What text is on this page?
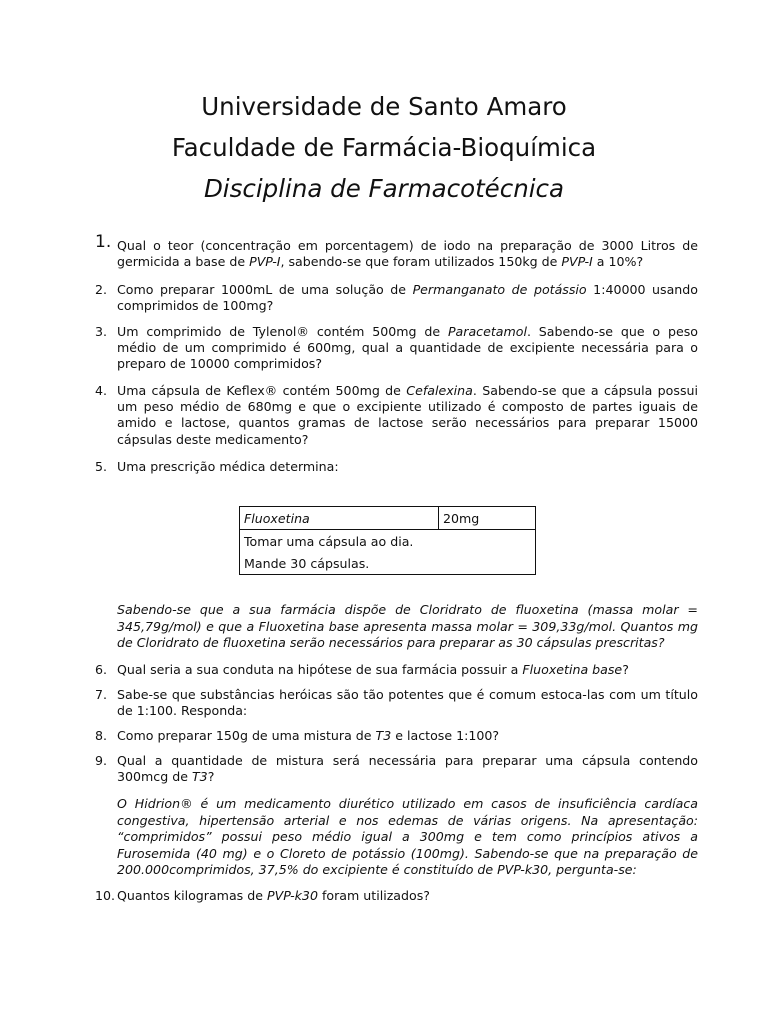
Universidade de Santo Amaro
Faculdade de Farmácia-Bioquímica
Disciplina de Farmacotécnica
1. Qual o teor (concentração em porcentagem) de iodo na preparação de 3000 Litros de germicida a base de PVP-I, sabendo-se que foram utilizados 150kg de PVP-I a 10%?
2. Como preparar 1000mL de uma solução de Permanganato de potássio 1:40000 usando comprimidos de 100mg?
3. Um comprimido de Tylenol® contém 500mg de Paracetamol. Sabendo-se que o peso médio de um comprimido é 600mg, qual a quantidade de excipiente necessária para o preparo de 10000 comprimidos?
4. Uma cápsula de Keflex® contém 500mg de Cefalexina. Sabendo-se que a cápsula possui um peso médio de 680mg e que o excipiente utilizado é composto de partes iguais de amido e lactose, quantos gramas de lactose serão necessários para preparar 15000 cápsulas deste medicamento?
5. Uma prescrição médica determina:
Fluoxetina	20mg
Tomar uma cápsula ao dia.
Mande 30 cápsulas.
Sabendo-se que a sua farmácia dispõe de Cloridrato de fluoxetina (massa molar = 345,79g/mol) e que a Fluoxetina base apresenta massa molar = 309,33g/mol. Quantos mg de Cloridrato de fluoxetina serão necessários para preparar as 30 cápsulas prescritas?
6. Qual seria a sua conduta na hipótese de sua farmácia possuir a Fluoxetina base?
7. Sabe-se que substâncias heróicas são tão potentes que é comum estoca-las com um título de 1:100. Responda:
8. Como preparar 150g de uma mistura de T3 e lactose 1:100?
9. Qual a quantidade de mistura será necessária para preparar uma cápsula contendo 300mcg de T3?
O Hidrion® é um medicamento diurético utilizado em casos de insuficiência cardíaca congestiva, hipertensão arterial e nos edemas de várias origens. Na apresentação: “comprimidos” possui peso médio igual a 300mg e tem como princípios ativos a Furosemida (40 mg) e o Cloreto de potássio (100mg). Sabendo-se que na preparação de 200.000comprimidos, 37,5% do excipiente é constituído de PVP-k30, pergunta-se:
10. Quantos kilogramas de PVP-k30 foram utilizados?
